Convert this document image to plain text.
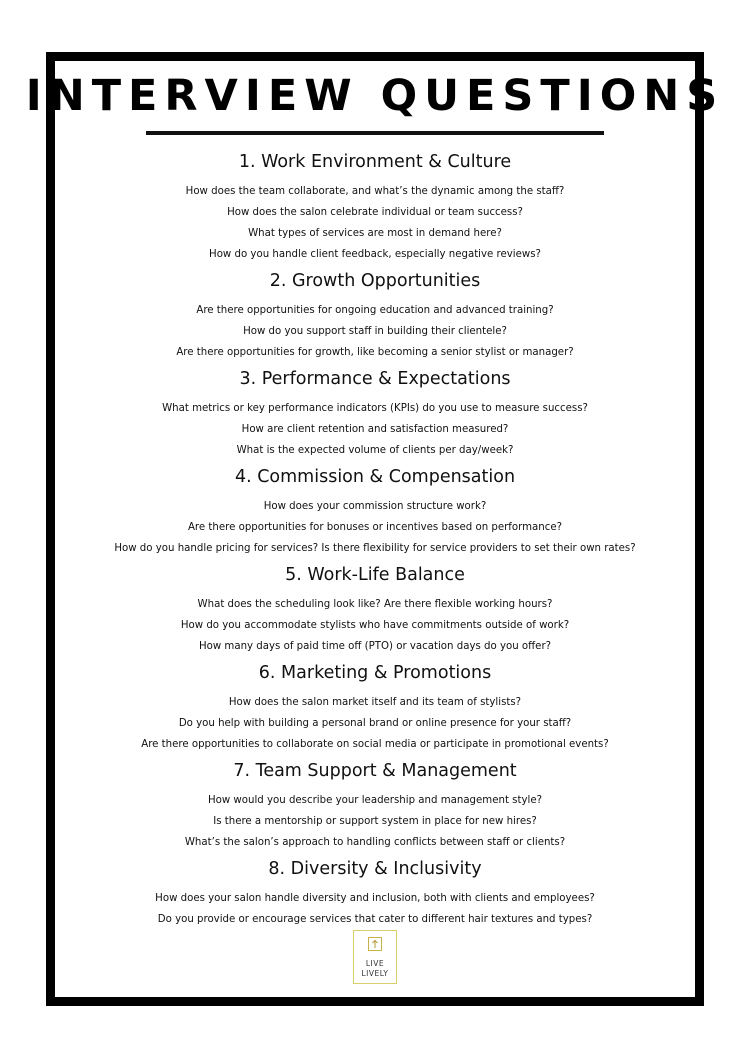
INTERVIEW QUESTIONS
1. Work Environment & Culture
How does the team collaborate, and what’s the dynamic among the staff?
How does the salon celebrate individual or team success?
What types of services are most in demand here?
How do you handle client feedback, especially negative reviews?
2. Growth Opportunities
Are there opportunities for ongoing education and advanced training?
How do you support staff in building their clientele?
Are there opportunities for growth, like becoming a senior stylist or manager?
3. Performance & Expectations
What metrics or key performance indicators (KPIs) do you use to measure success?
How are client retention and satisfaction measured?
What is the expected volume of clients per day/week?
4. Commission & Compensation
How does your commission structure work?
Are there opportunities for bonuses or incentives based on performance?
How do you handle pricing for services? Is there flexibility for service providers to set their own rates?
5. Work-Life Balance
What does the scheduling look like? Are there flexible working hours?
How do you accommodate stylists who have commitments outside of work?
How many days of paid time off (PTO) or vacation days do you offer?
6. Marketing & Promotions
How does the salon market itself and its team of stylists?
Do you help with building a personal brand or online presence for your staff?
Are there opportunities to collaborate on social media or participate in promotional events?
7. Team Support & Management
How would you describe your leadership and management style?
Is there a mentorship or support system in place for new hires?
What’s the salon’s approach to handling conflicts between staff or clients?
8. Diversity & Inclusivity
How does your salon handle diversity and inclusion, both with clients and employees?
Do you provide or encourage services that cater to different hair textures and types?
LIVE
LIVELY
